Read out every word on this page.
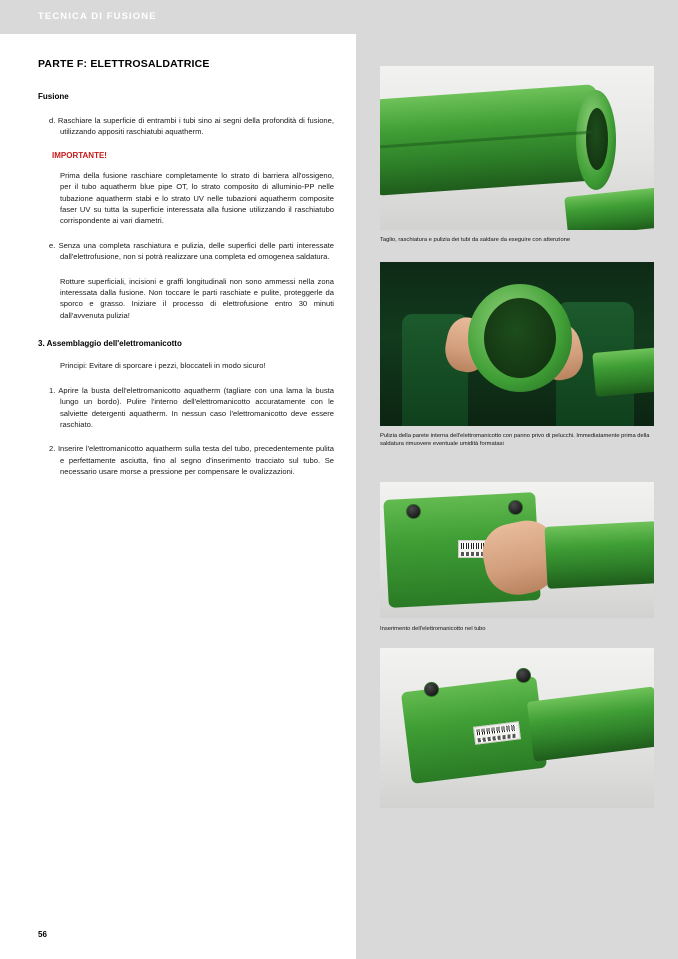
TECNICA DI FUSIONE
PARTE F: ELETTROSALDATRICE
Fusione
d. Raschiare la superficie di entrambi i tubi sino ai segni della profondità di fusione, utilizzando appositi raschiatubi aquatherm.
IMPORTANTE!
Prima della fusione raschiare completamente lo strato di barriera all'ossigeno, per il tubo aquatherm blue pipe OT, lo strato composito di alluminio-PP nelle tubazione aquatherm stabi e lo strato UV nelle tubazioni aquatherm composite faser UV su tutta la superficie interessata alla fusione utilizzando il raschiatubo corrispondente ai vari diametri.
e. Senza una completa raschiatura e pulizia, delle superfici delle parti interessate dall'elettrofusione, non si potrà realizzare una completa ed omogenea saldatura.
Rotture superficiali, incisioni e graffi longitudinali non sono ammessi nella zona interessata dalla fusione. Non toccare le parti raschiate e pulite, proteggerle da sporco e grasso. Iniziare il processo di elettrofusione entro 30 minuti dall'avvenuta pulizia!
3. Assemblaggio dell'elettromanicotto
Principi: Evitare di sporcare i pezzi, bloccateli in modo sicuro!
1. Aprire la busta dell'elettromanicotto aquatherm (tagliare con una lama la busta lungo un bordo). Pulire l'interno dell'elettromanicotto accuratamente con le salviette detergenti aquatherm. In nessun caso l'elettromanicotto deve essere raschiato.
2. Inserire l'elettromanicotto aquatherm sulla testa del tubo, precedentemente pulita e perfettamente asciutta, fino al segno d'inserimento tracciato sul tubo. Se necessario usare morse a pressione per compensare le ovalizzazioni.
Taglio, raschiatura e pulizia dei tubi da saldare da eseguire con attenzione
Pulizia della parete interna dell'elettromanicotto con panno privo di pelucchi. Immediatamente prima della saldatura rimuovere eventuale umidità formatasi
Inserimento dell'elettromanicotto nel tubo
56
